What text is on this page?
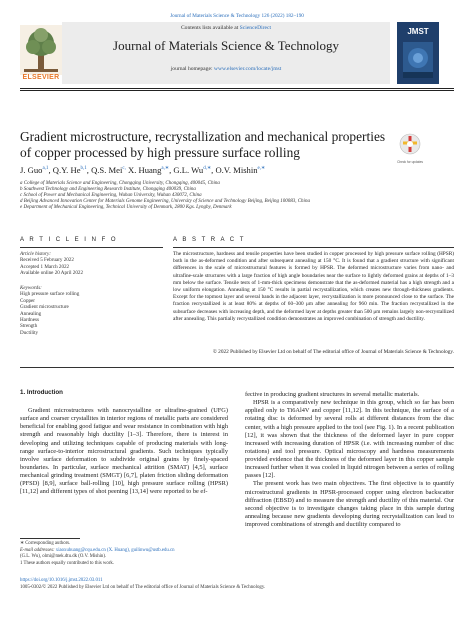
Journal of Materials Science & Technology 126 (2022) 182–190
Contents lists available at ScienceDirect
Journal of Materials Science & Technology
journal homepage: www.elsevier.com/locate/jmst
ELSEVIER
JMST
Gradient microstructure, recrystallization and mechanical properties of copper processed by high pressure surface rolling
Check for updates
J. Guo$^{a,1}$, Q.Y. He$^{b,1}$, Q.S. Mei$^{c,}$ X. Huang$^{a,∗}$, G.L. $Wu^{d,∗}$, O.V. Mishin$^{e,∗}$
a College of Materials Science and Engineering, Chongqing University, Chongqing, 400045, China
b Southwest Technology and Engineering Research Institute, Chongqing 400039, China
c School of Power and Mechanical Engineering, Wuhan University, Wuhan 430072, China
d Beijing Advanced Innovation Center for Materials Genome Engineering, University of Science and Technology Beijing, Beijing 100083, China
e Department of Mechanical Engineering, Technical University of Denmark, 2800 Kgs. Lyngby, Denmark
A R T I C L E I N F O	A B S T R A C T
Article history:
Received 5 February 2022
Accepted 1 March 2022
Available online 20 April 2022
Keywords:
High pressure surface rolling
Copper
Gradient microstructure
Annealing
Hardness
Strength
Ductility
The microstructure, hardness and tensile properties have been studied in copper processed by high pressure surface rolling (HPSR) both in the as-deformed condition and after subsequent annealing at 150 °C. It is found that a gradient structure with significant differences in the scale of microstructural features is formed by HPSR. The deformed microstructure varies from nano- and ultrafine-scale structures with a large fraction of high angle boundaries near the surface to lightly deformed grains at depths of 1–3 mm below the surface. Tensile tests of 1-mm-thick specimens demonstrate that the as-deformed material has a high strength and a low uniform elongation. Annealing at 150 °C results in partial recrystallization, which creates new through-thickness gradients. Except for the topmost layer and several bands in the adjacent layer, recrystallization is more pronounced close to the surface. The fraction recrystallized is at least 80% at depths of 60–300 μm after annealing for 960 min. The fraction recrystallized in the subsurface decreases with increasing depth, and the deformed layer at depths greater than 500 μm remains largely non-recrystallized after annealing. This partially recrystallized condition demonstrates an improved combination of strength and ductility.
© 2022 Published by Elsevier Ltd on behalf of The editorial office of Journal of Materials Science & Technology.
1. Introduction
Gradient microstructures with nanocrystalline or ultrafine-grained (UFG) surface and coarser crystallites in interior regions of metallic parts are considered beneficial for enabling good fatigue and wear resistance in combination with high strength and reasonably high ductility [1–3]. Therefore, there is interest in developing and utilizing techniques capable of producing materials with long-range surface-to-interior microstructural gradients. Such techniques typically involve surface deformation to subdivide original grains by finely-spaced boundaries. In particular, surface mechanical attrition (SMAT) [4,5], surface mechanical grinding treatment (SMGT) [6,7], platen friction sliding deformation (PFSD) [8,9], surface ball-rolling [10], high pressure surface rolling (HPSR) [11,12] and different types of shot peening [13,14] were reported to be ef-
fective in producing gradient structures in several metallic materials.
HPSR is a comparatively new technique in this group, which so far has been applied only to Ti6Al4V and copper [11,12]. In this technique, the surface of a rotating disc is deformed by several rolls at different distances from the disc center, with a high pressure applied to the tool (see Fig. 1). In a recent publication [12], it was shown that the thickness of the deformed layer in pure copper increased with increasing duration of HPSR (i.e. with increasing number of disc rotations) and tool pressure. Optical microscopy and hardness measurements provided evidence that the thickness of the deformed layer in this copper sample increased further when it was cooled in liquid nitrogen between a series of rolling passes [12].
The present work has two main objectives. The first objective is to quantify microstructural gradients in HPSR-processed copper using electron backscatter diffraction (EBSD) and to measure the strength and ductility of this material. Our second objective is to investigate changes taking place in this sample during annealing because new gradients developing during recrystallization can lead to improved combinations of strength and ductility compared to
∗ Corresponding authors.
E-mail addresses: xiaoxuhuang@cqu.edu.cn (X. Huang), guilinwu@ustb.edu.cn
(G.L. Wu), olmi@mek.dtu.dk (O.V. Mishin).
1 These authors equally contributed to this work.
https://doi.org/10.1016/j.jmst.2022.03.011
1005-0302/© 2022 Published by Elsevier Ltd on behalf of The editorial office of Journal of Materials Science & Technology.
